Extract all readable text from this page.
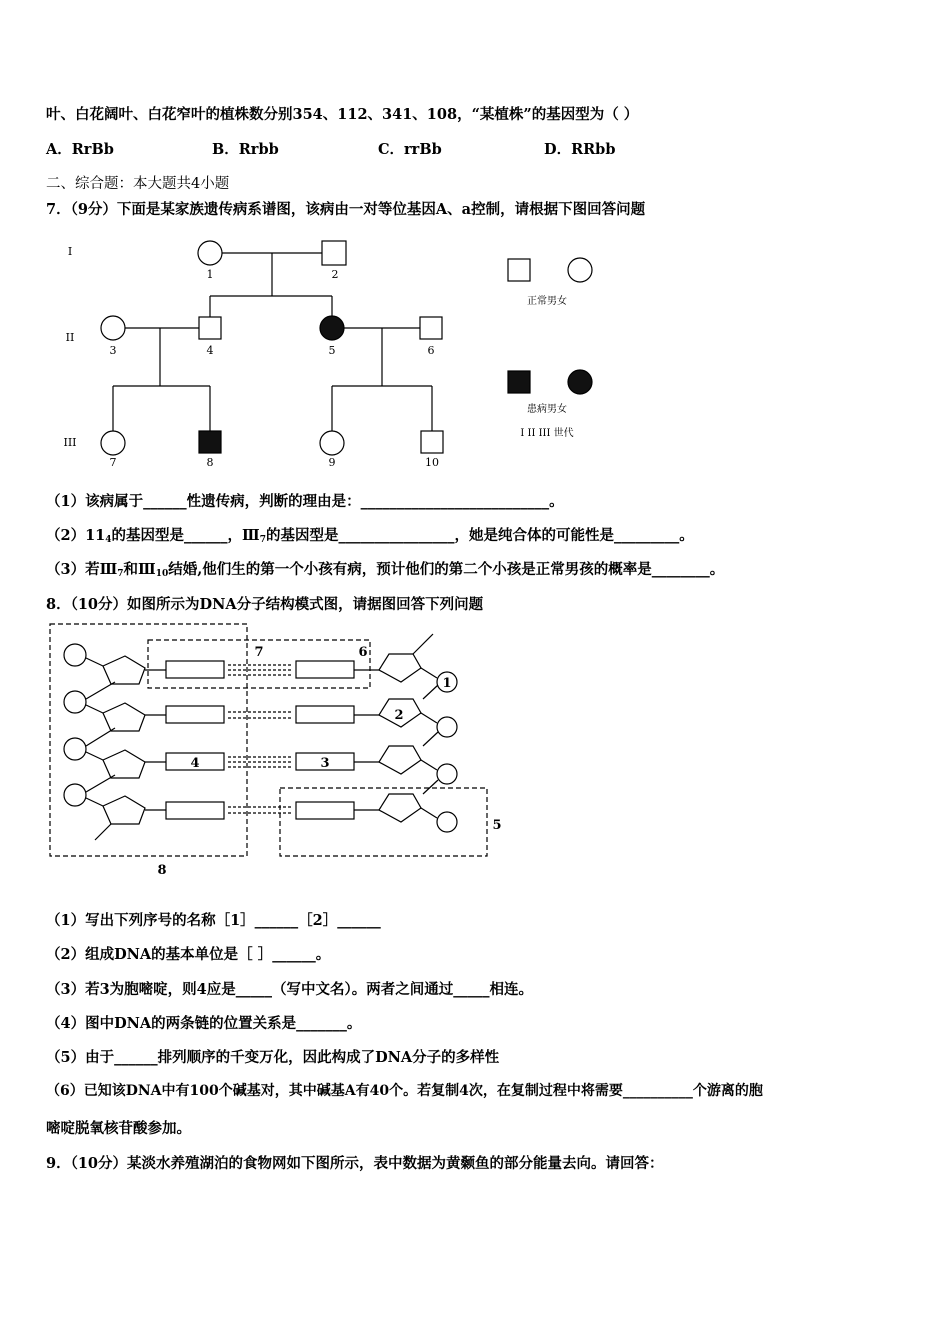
叶、白花阔叶、白花窄叶的植株数分别354、112、341、108，“某植株”的基因型为（ ）
A．RrBb	B．Rrbb	C．rrBb	D．RRbb
二、综合题：本大题共4小题
7．（9分）下面是某家族遗传病系谱图，该病由一对等位基因A、a控制，请根据下图回答问题
I
II
III
1	2
3	4	5	6
7	8	9	10
正常男女
患病男女
I II III 世代
（1）该病属于______性遗传病，判断的理由是：__________________________。
$(2)11_4$的基因型是______，$Ⅲ_7$的基因型是________________，她是纯合体的可能性是_________。
（3）若$Ⅲ_7$和$Ⅲ_{10}$结婚,他们生的第一个小孩有病，预计他们的第二个小孩是正常男孩的概率是________。
8．（10分）如图所示为DNA分子结构模式图，请据图回答下列问题
1
2
3
4
5
6
7
8
（1）写出下列序号的名称［1］______［2］______
（2）组成DNA的基本单位是［ ］______。
（3）若3为胞嘧啶，则4应是_____（写中文名）。两者之间通过_____相连。
（4）图中DNA的两条链的位置关系是_______。
（5）由于______排列顺序的千变万化，因此构成了DNA分子的多样性
（6）已知该DNA中有100个碱基对，其中碱基A有40个。若复制4次，在复制过程中将需要__________个游离的胞
嘧啶脱氧核苷酸参加。
9．（10分）某淡水养殖湖泊的食物网如下图所示，表中数据为黄颡鱼的部分能量去向。请回答：
